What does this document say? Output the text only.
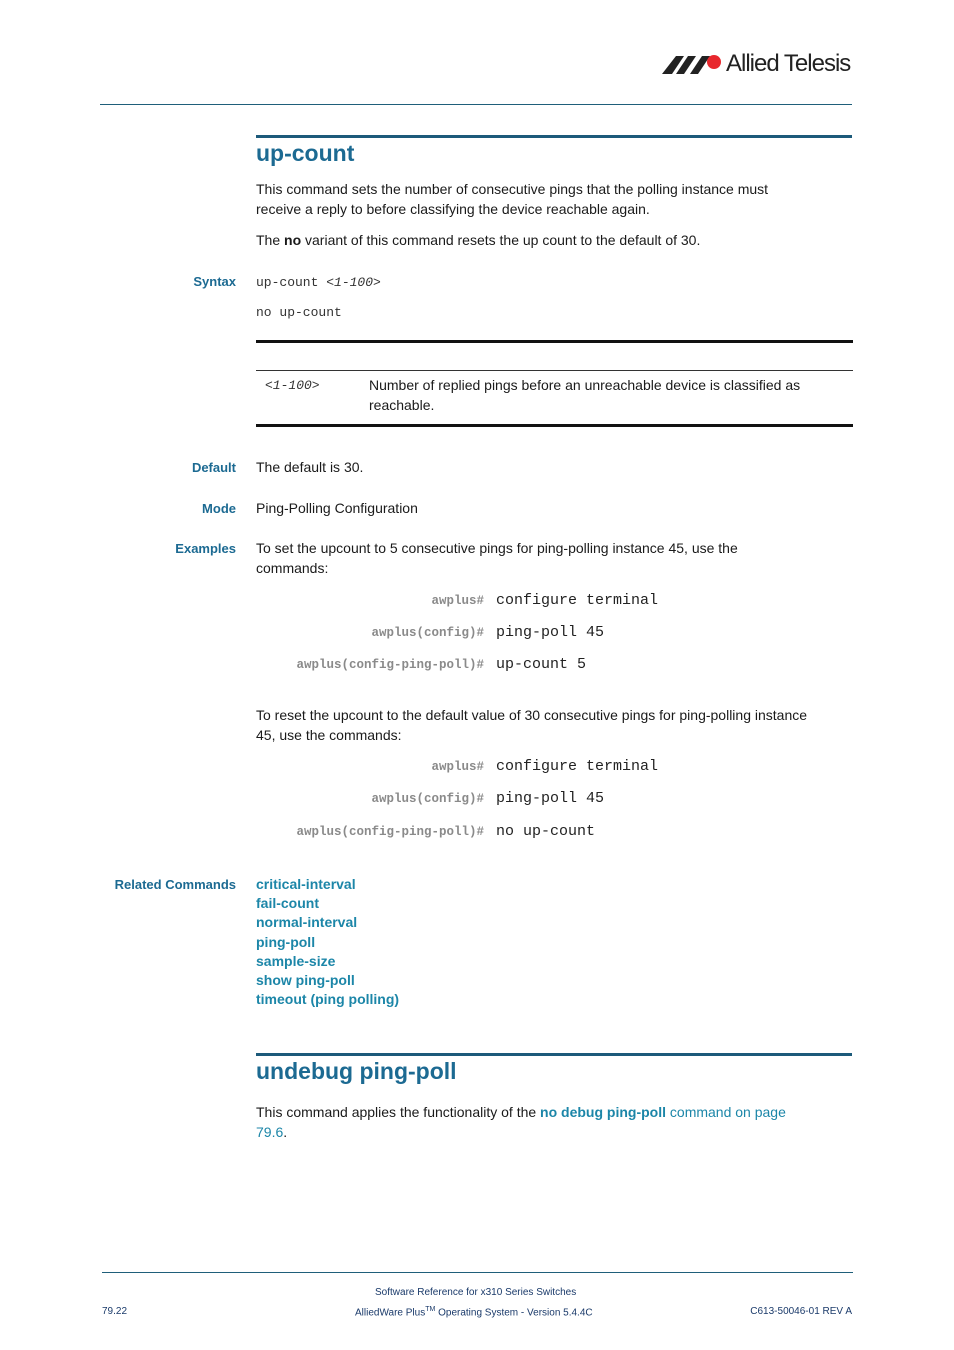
Allied Telesis
up-count
This command sets the number of consecutive pings that the polling instance must
receive a reply to before classifying the device reachable again.
The no variant of this command resets the up count to the default of 30.
Syntax up-count <1-100>
no up-count
<1-100>	Number of replied pings before an unreachable device is classified as
reachable.
Default The default is 30.
Mode Ping-Polling Configuration
Examples To set the upcount to 5 consecutive pings for ping-polling instance 45, use the
commands:
awplus# configure terminal
awplus(config)# ping-poll 45
awplus(config-ping-poll)# up-count 5
To reset the upcount to the default value of 30 consecutive pings for ping-polling instance
45, use the commands:
awplus# configure terminal
awplus(config)# ping-poll 45
awplus(config-ping-poll)# no up-count
Related Commands critical-interval
fail-count
normal-interval
ping-poll
sample-size
show ping-poll
timeout (ping polling)
undebug ping-poll
This command applies the functionality of the no debug ping-poll command on page
79.6.
Software Reference for x310 Series Switches
79.22	AlliedWare Plus™ Operating System - Version 5.4.4C	C613-50046-01 REV A
